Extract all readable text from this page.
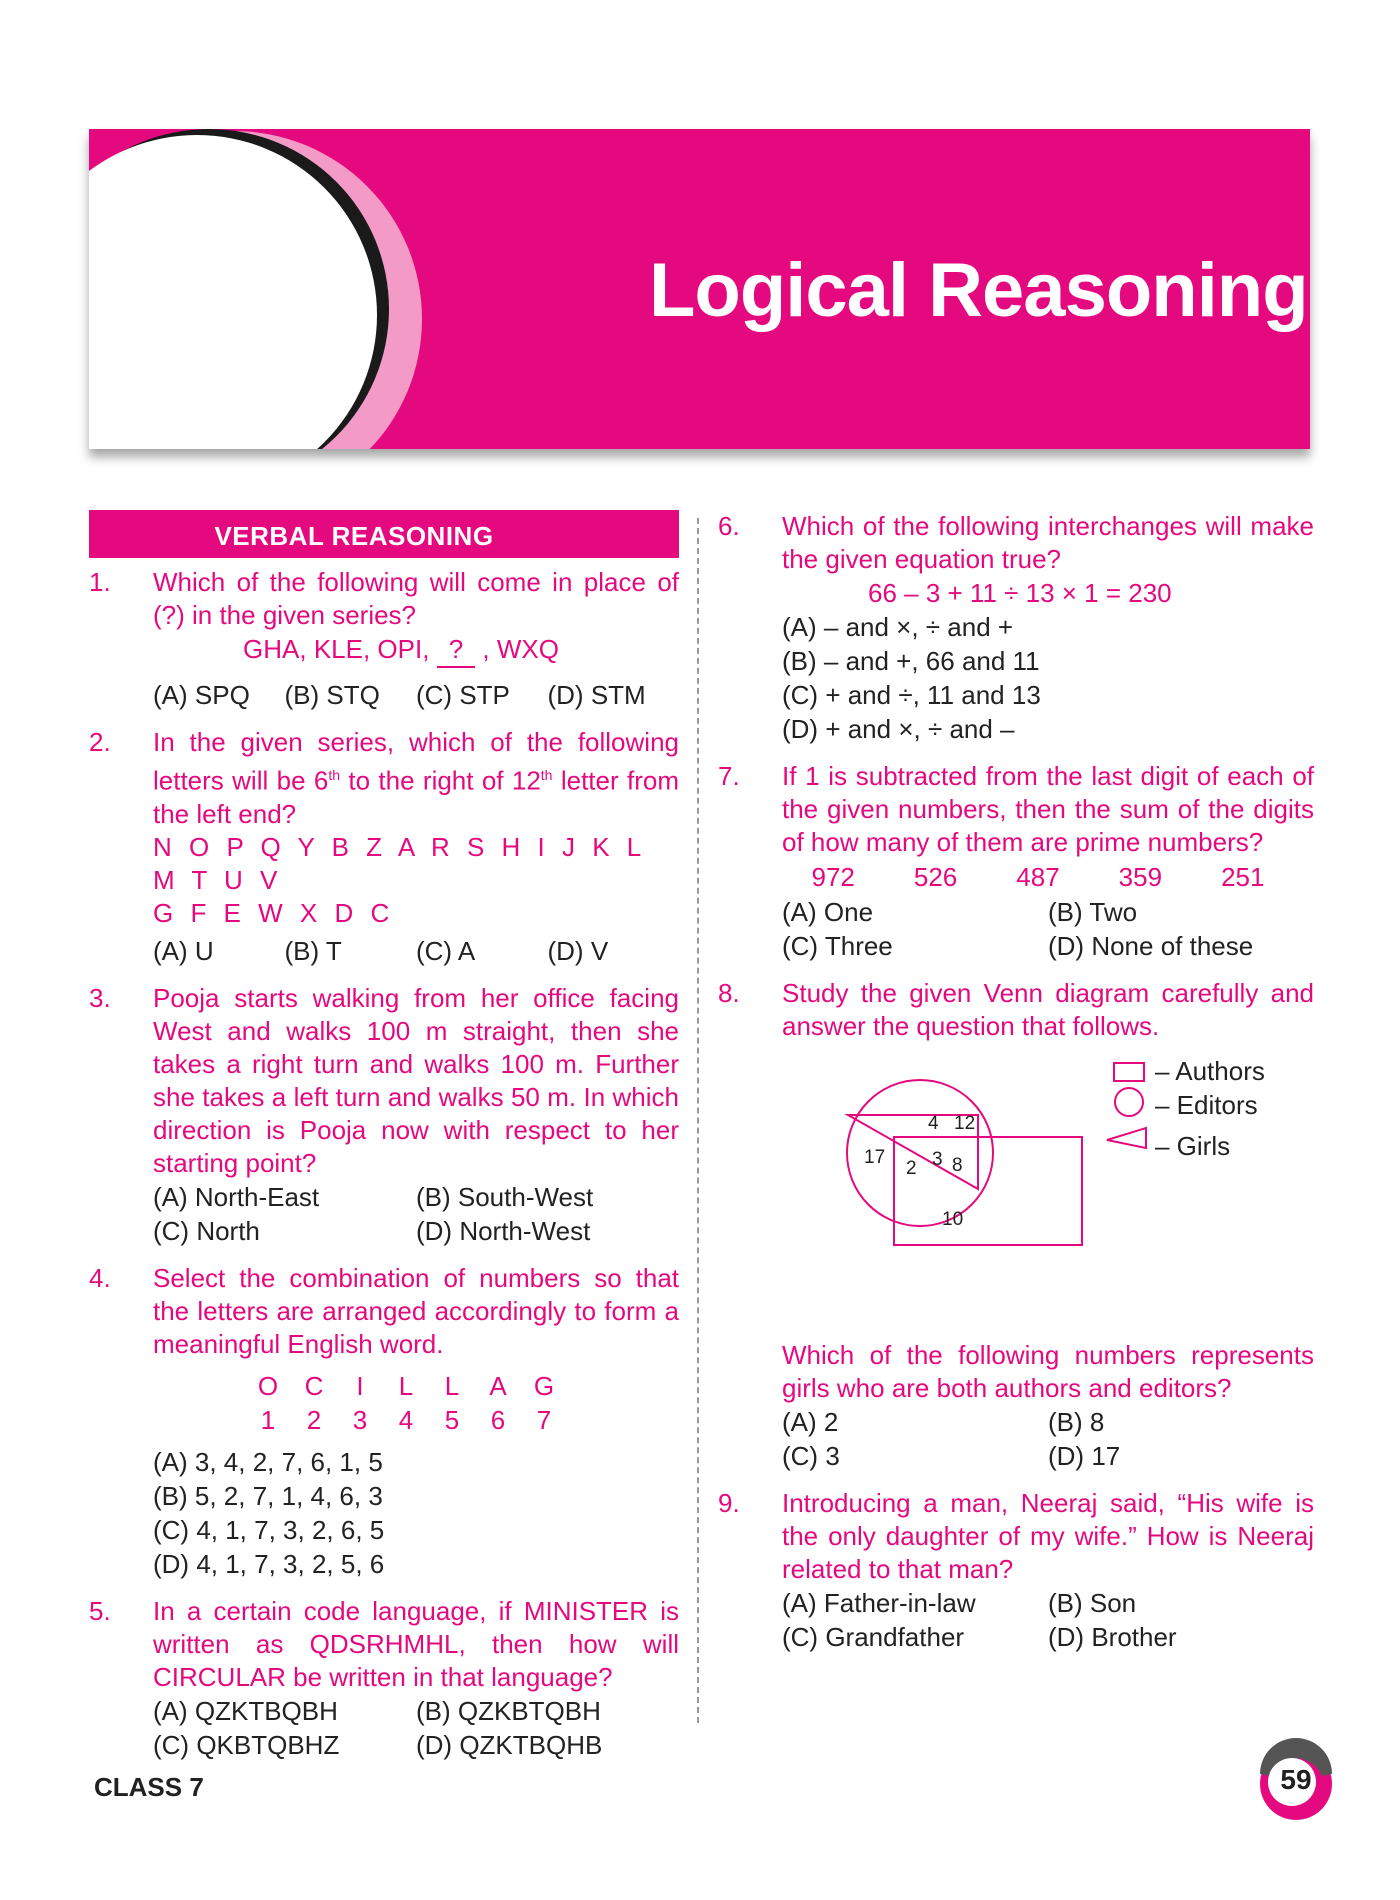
Logical Reasoning
VERBAL REASONING
1. Which of the following will come in place of (?) in the given series?
GHA, KLE, OPI, ? , WXQ
(A) SPQ	(B) STQ	(C) STP	(D) STM
2. In the given series, which of the following letters will be 6th to the right of 12th letter from the left end?
N O P Q Y B Z A R S H I J K L M T U V
G F E W X D C
(A) U	(B) T	(C) A	(D) V
3. Pooja starts walking from her office facing West and walks 100 m straight, then she takes a right turn and walks 100 m. Further she takes a left turn and walks 50 m. In which direction is Pooja now with respect to her starting point?
(A) North-East	(B) South-West
(C) North	(D) North-West
4. Select the combination of numbers so that the letters are arranged accordingly to form a meaningful English word.
O	C	I	L	L	A	G
1	2	3	4	5	6	7
(A) 3, 4, 2, 7, 6, 1, 5
(B) 5, 2, 7, 1, 4, 6, 3
(C) 4, 1, 7, 3, 2, 6, 5
(D) 4, 1, 7, 3, 2, 5, 6
5. In a certain code language, if MINISTER is written as QDSRHMHL, then how will CIRCULAR be written in that language?
(A) QZKTBQBH	(B) QZKBTQBH
(C) QKBTQBHZ	(D) QZKTBQHB
6. Which of the following interchanges will make the given equation true?
66 – 3 + 11 ÷ 13 × 1 = 230
(A) – and ×, ÷ and +
(B) – and +, 66 and 11
(C) + and ÷, 11 and 13
(D) + and ×, ÷ and –
7. If 1 is subtracted from the last digit of each of the given numbers, then the sum of the digits of how many of them are prime numbers?
972 526 487 359 251
(A) One	(B) Two
(C) Three	(D) None of these
8. Study the given Venn diagram carefully and answer the question that follows.
4 12
17
2 3 8
10
– Authors
– Editors
– Girls
Which of the following numbers represents girls who are both authors and editors?
(A) 2	(B) 8
(C) 3	(D) 17
9. Introducing a man, Neeraj said, “His wife is the only daughter of my wife.” How is Neeraj related to that man?
(A) Father-in-law	(B) Son
(C) Grandfather	(D) Brother
CLASS 7	59
